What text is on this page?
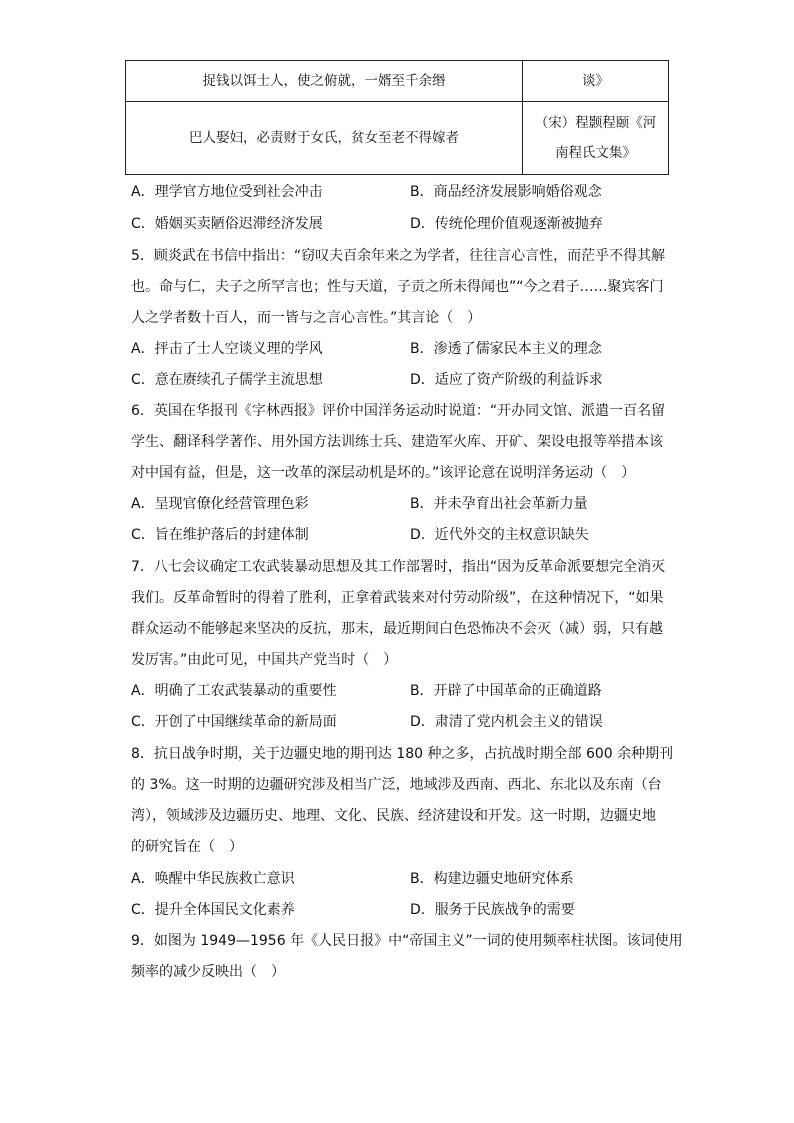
捉钱以饵士人，使之俯就，一婿至千余缗	谈》
巴人娶妇，必责财于女氏，贫女至老不得嫁者	（宋）程颢程颐《河
南程氏文集》
A．理学官方地位受到社会冲击	B．商品经济发展影响婚俗观念
C．婚姻买卖陋俗迟滞经济发展	D．传统伦理价值观逐渐被抛弃
5．顾炎武在书信中指出：“窃叹夫百余年来之为学者，往往言心言性，而茫乎不得其解
也。命与仁，夫子之所罕言也；性与天道，子贡之所未得闻也”“今之君子……聚宾客门
人之学者数十百人，而一皆与之言心言性。”其言论（　）
A．抨击了士人空谈义理的学风	B．渗透了儒家民本主义的理念
C．意在赓续孔子儒学主流思想	D．适应了资产阶级的利益诉求
6．英国在华报刊《字林西报》评价中国洋务运动时说道：“开办同文馆、派遣一百名留
学生、翻译科学著作、用外国方法训练士兵、建造军火库、开矿、架设电报等举措本该
对中国有益，但是，这一改革的深层动机是坏的。”该评论意在说明洋务运动（　）
A．呈现官僚化经营管理色彩	B．并未孕育出社会革新力量
C．旨在维护落后的封建体制	D．近代外交的主权意识缺失
7．八七会议确定工农武装暴动思想及其工作部署时，指出“因为反革命派要想完全消灭
我们。反革命暂时的得着了胜利，正拿着武装来对付劳动阶级”，在这种情况下，“如果
群众运动不能够起来坚决的反抗，那末，最近期间白色恐怖决不会灭（减）弱，只有越
发厉害。”由此可见，中国共产党当时（　）
A．明确了工农武装暴动的重要性	B．开辟了中国革命的正确道路
C．开创了中国继续革命的新局面	D．肃清了党内机会主义的错误
8．抗日战争时期，关于边疆史地的期刊达 180 种之多，占抗战时期全部 600 余种期刊
的 3%。这一时期的边疆研究涉及相当广泛，地域涉及西南、西北、东北以及东南（台
湾），领域涉及边疆历史、地理、文化、民族、经济建设和开发。这一时期，边疆史地
的研究旨在（　）
A．唤醒中华民族救亡意识	B．构建边疆史地研究体系
C．提升全体国民文化素养	D．服务于民族战争的需要
9．如图为 1949—1956 年《人民日报》中“帝国主义”一词的使用频率柱状图。该词使用
频率的减少反映出（　）
